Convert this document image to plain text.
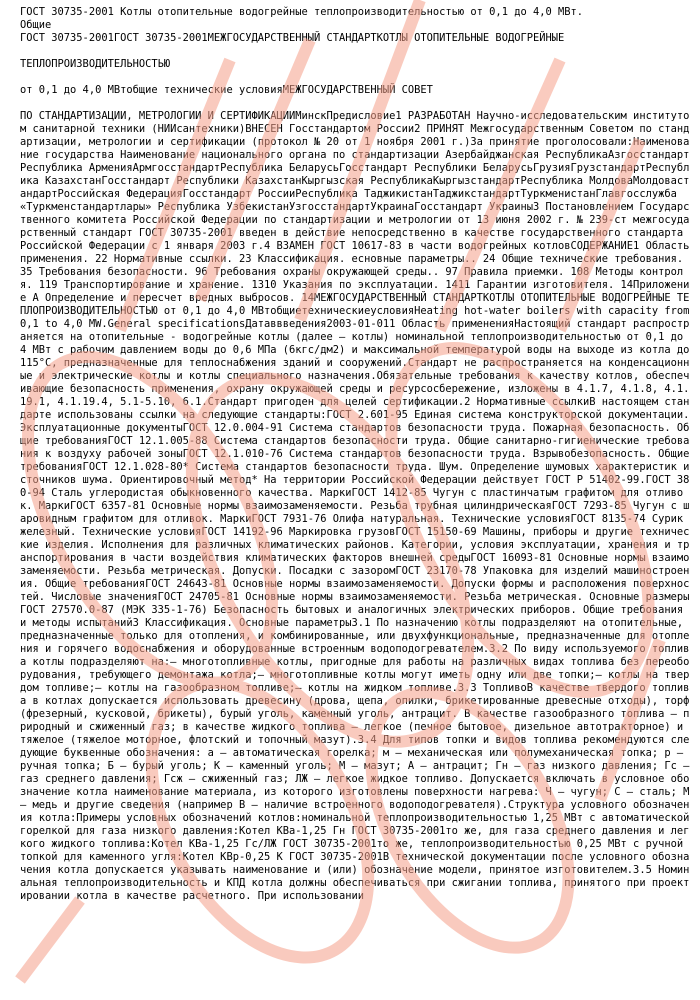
ГОСТ 30735-2001 Котлы отопительные водогрейные теплопроизводительностью от 0,1 до 4,0 МВт.
Общие
ГОСТ 30735-2001ГОСТ 30735-2001МЕЖГОСУДАРСТВЕННЫЙ СТАНДАРТКОТЛЫ ОТОПИТЕЛЬНЫЕ ВОДОГРЕЙНЫЕ
ТЕПЛОПРОИЗВОДИТЕЛЬНОСТЬЮ
от 0,1 до 4,0 МВтобщие технические условияМЕЖГОСУДАРСТВЕННЫЙ СОВЕТ

ПО СТАНДАРТИЗАЦИИ, МЕТРОЛОГИИ И СЕРТИФИКАЦИИМинскПредисловие1 РАЗРАБОТАН Научно-исследовательским институтом санитарной техники (НИИсантехники)ВНЕСЕН Госстандартом России2 ПРИНЯТ Межгосударственным Советом по стандартизации, метрологии и сертификации (протокол № 20 от 1 ноября 2001 г.)За принятие проголосовали:Наименование государства Наименование национального органа по стандартизации Азербайджанская РеспубликаАзгосстандартРеспублика АрменияАрмгосстандартРеспублика БеларусьГосстандарт Республики БеларусьГрузияГрузстандартРеспублика КазахстанГосстандарт Республики КазахстанКыргызская РеспубликаКыргызстандартРеспублика МолдоваМолдовастандартРоссийская ФедерацияГосстандарт РоссииРеспублика ТаджикистанТаджикстандартТуркменистанГлавгосслужба «Туркменстандартлары» Республика УзбекистанУзгосстандартУкраинаГосстандарт Украины3 Постановлением Государственного комитета Российской Федерации по стандартизации и метрологии от 13 июня 2002 г. № 239-ст межгосударственный стандарт ГОСТ 30735-2001 введен в действие непосредственно в качестве государственного стандарта Российской Федерации с 1 января 2003 г.4 ВЗАМЕН ГОСТ 10617-83 в части водогрейных котловСОДЕРЖАНИЕ1 Область применения. 22 Нормативные ссылки. 23 Классификация. есновные параметры.. 24 Общие технические требования. 35 Требования безопасности. 96 Требования охраны окружающей среды.. 97 Правила приемки. 108 Методы контроля. 119 Транспортирование и хранение. 1310 Указания по эксплуатации. 1411 Гарантии изготовителя. 14Приложение А Определение и пересчет вредных выбросов. 14МЕЖГОСУДАРСТВЕННЫЙ СТАНДАРТКОТЛЫ ОТОПИТЕЛЬНЫЕ ВОДОГРЕЙНЫЕ ТЕПЛОПРОИЗВОДИТЕЛЬНОСТЬЮ от 0,1 до 4,0 МВтобщиетехническиеусловияHeating hot-water boilers with capacity from 0,1 to 4,0 MW.General specificationsДатаввведения2003-01-011 Область примененияНастоящий стандарт распространяется на отопительные - водогрейные котлы (далее — котлы) номинальной теплопроизводительностью от 0,1 до 4 МВт с рабочим давлением воды до 0,6 МПа (6кгс/дм2) и максимальной температурой воды на выходе из котла до 115°С, предназначенные для теплоснабжения зданий и сооружений.Стандарт не распространяется на конденсационные и электрические котлы и котлы специального назначения.Обязательные требования к качеству котлов, обеспечивающие безопасность применения, охрану окружающей среды и ресурсосбережение, изложены в 4.1.7, 4.1.8, 4.1.19.1, 4.1.19.4, 5.1-5.10, 6.1.Стандарт пригоден для целей сертификации.2 Нормативные ссылкиВ настоящем стандарте использованы ссылки на следующие стандарты:ГОСТ 2.601-95 Единая система конструкторской документации. Эксплуатационные документыГОСТ 12.0.004-91 Система стандартов безопасности труда. Пожарная безопасность. Общие требованияГОСТ 12.1.005-88 Система стандартов безопасности труда. Общие санитарно-гигиенические требования к воздуху рабочей зоныГОСТ 12.1.010-76 Система стандартов безопасности труда. Взрывобезопасность. Общие требованияГОСТ 12.1.028-80* Система стандартов безопасности труда. Шум. Определение шумовых характеристик источников шума. Ориентировочный метод* На территории Российской Федерации действует ГОСТ Р 51402-99.ГОСТ 380-94 Сталь углеродистая обыкновенного качества. МаркиГОСТ 1412-85 Чугун с пластинчатым графитом для отливок. МаркиГОСТ 6357-81 Основные нормы взаимозаменяемости. Резьба трубная цилиндрическаяГОСТ 7293-85 Чугун с шаровидным графитом для отливок. МаркиГОСТ 7931-76 Олифа натуральная. Технические условияГОСТ 8135-74 Сурик железный. Технические условияГОСТ 14192-96 Маркировка грузовГОСТ 15150-69 Машины, приборы и другие технические изделия. Исполнения для различных климатических районов. Категории, условия эксплуатации, хранения и транспортирования в части воздействия климатических факторов внешней средыГОСТ 16093-81 Основные нормы взаимозаменяемости. Резьба метрическая. Допуски. Посадки с зазоромГОСТ 23170-78 Упаковка для изделий машиностроения. Общие требованияГОСТ 24643-81 Основные нормы взаимозаменяемости. Допуски формы и расположения поверхностей. Числовые значенияГОСТ 24705-81 Основные нормы взаимозаменяемости. Резьба метрическая. Основные размерыГОСТ 27570.0-87 (МЭК 335-1-76) Безопасность бытовых и аналогичных электрических приборов. Общие требования и методы испытаний3 Классификация. Основные параметры3.1 По назначению котлы подразделяют на отопительные, предназначенные только для отопления, и комбинированные, или двухфункциональные, предназначенные для отопления и горячего водоснабжения и оборудованные встроенным водоподогревателем.3.2 По виду используемого топлива котлы подразделяют на:— многотопливные котлы, пригодные для работы на различных видах топлива без переоборудования, требующего демонтажа котла;— многотопливные котлы могут иметь одну или две топки;— котлы на твердом топливе;— котлы на газообразном топливе;— котлы на жидком топливе.3.3 ТопливоВ качестве твердого топлива в котлах допускается использовать древесину (дрова, щепа, опилки, брикетированные древесные отходы), торф (фрезерный, кусковой, брикеты), бурый уголь, каменный уголь, антрацит. В качестве газообразного топлива — природный и сжиженный газ; в качестве жидкого топлива — легкое (печное бытовое, дизельное автотракторное) и тяжелое (тяжелое моторное, флотский и топочный мазут).3.4 Для типов топки и видов топлива рекомендуются следующие буквенные обозначения: а — автоматическая горелка; м — механическая или полумеханическая топка; р — ручная топка; Б — бурый уголь; К — каменный уголь; М — мазут; А — антрацит; Гн — газ низкого давления; Гс — газ среднего давления; Гсж — сжиженный газ; ЛЖ — легкое жидкое топливо. Допускается включать в условное обозначение котла наименование материала, из которого изготовлены поверхности нагрева: Ч — чугун; С — сталь; М — медь и другие сведения (например В — наличие встроенного водоподогревателя).Структура условного обозначения котла:Примеры условных обозначений котлов:номинальной теплопроизводительностью 1,25 МВт с автоматической горелкой для газа низкого давления:Котел КВа-1,25 Гн ГОСТ 30735-2001то же, для газа среднего давления и легкого жидкого топлива:Котел КВа-1,25 Гс/ЛЖ ГОСТ 30735-2001то же, теплопроизводительностью 0,25 МВт с ручной топкой для каменного угля:Котел КВр-0,25 К ГОСТ 30735-2001В технической документации после условного обозначения котла допускается указывать наименование и (или) обозначение модели, принятое изготовителем.3.5 Номинальная теплопроизводительность и КПД котла должны обеспечиваться при сжигании топлива, принятого при проектировании котла в качестве расчетного. При использовании
